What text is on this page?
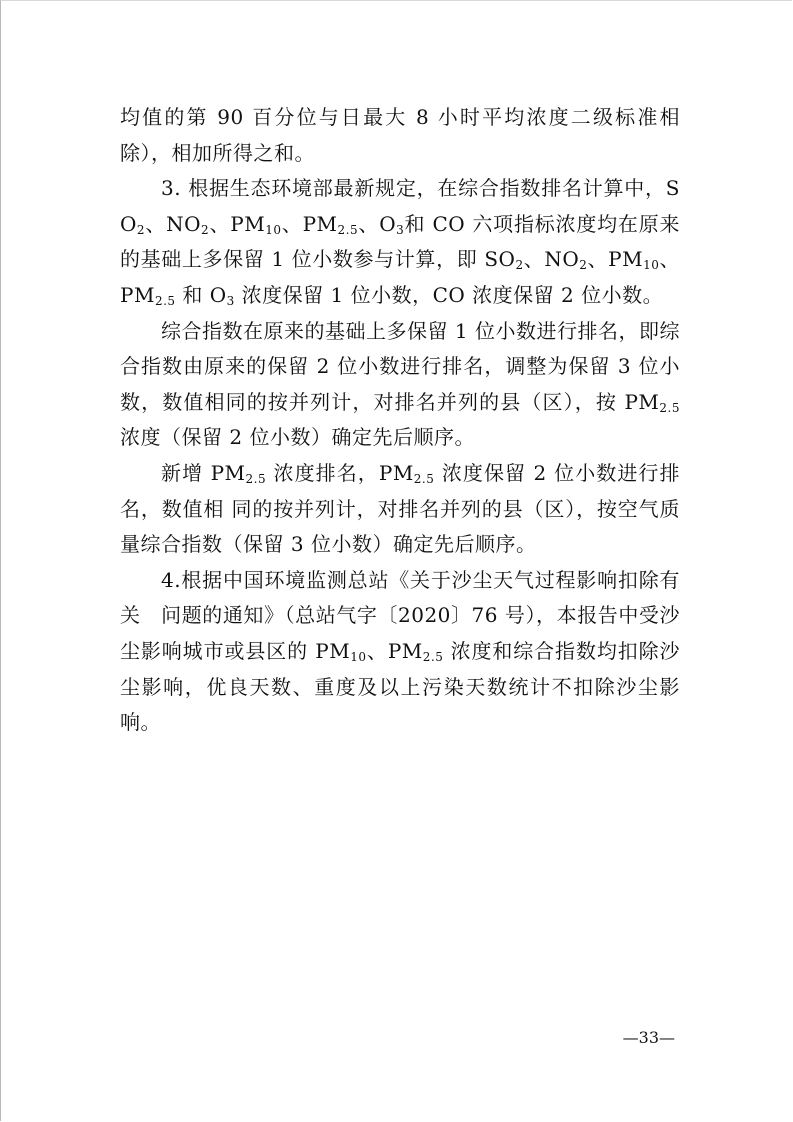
均值的第 90 百分位与日最大 8 小时平均浓度二级标准相除），相加所得之和。

3. 根据生态环境部最新规定，在综合指数排名计算中，$SO_2$、$NO_2$、$PM_{10}$、$PM_{2.5}$、$O_3$和 CO 六项指标浓度均在原来的基础上多保留 1 位小数参与计算，即 $SO_2$、$NO_2$、$PM_{10}$、$PM_{2.5}$ 和 $O_3$ 浓度保留 1 位小数，CO 浓度保留 2 位小数。

综合指数在原来的基础上多保留 1 位小数进行排名，即综合指数由原来的保留 2 位小数进行排名，调整为保留 3 位小数，数值相同的按并列计，对排名并列的县（区），按 $PM_{2.5}$ 浓度（保留 2 位小数）确定先后顺序。

新增 $PM_{2.5}$ 浓度排名，$PM_{2.5}$ 浓度保留 2 位小数进行排名，数值相 同的按并列计，对排名并列的县（区），按空气质量综合指数（保留 3 位小数）确定先后顺序。

4.根据中国环境监测总站《关于沙尘天气过程影响扣除有关　问题的通知》（总站气字〔2020〕76 号），本报告中受沙尘影响城市或县区的 $PM_{10}$、$PM_{2.5}$ 浓度和综合指数均扣除沙尘影响，优良天数、重度及以上污染天数统计不扣除沙尘影响。

—33—
